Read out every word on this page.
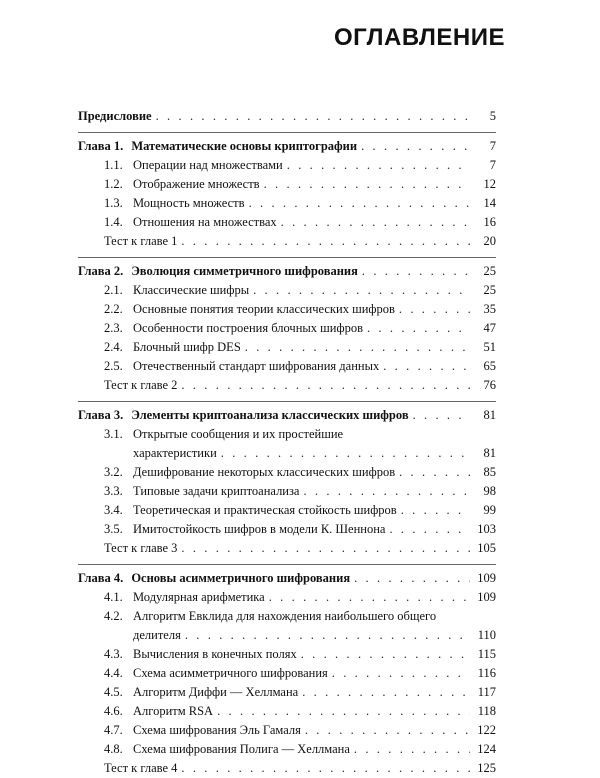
ОГЛАВЛЕНИЕ
Предисловие . . .	5
Глава 1. Математические основы криптографии . . .	7
1.1. Операции над множествами . . .	7
1.2. Отображение множеств . . .	12
1.3. Мощность множеств . . .	14
1.4. Отношения на множествах . . .	16
Тест к главе 1 . . .	20
Глава 2. Эволюция симметричного шифрования . . .	25
2.1. Классические шифры . . .	25
2.2. Основные понятия теории классических шифров . . .	35
2.3. Особенности построения блочных шифров . . .	47
2.4. Блочный шифр DES . . .	51
2.5. Отечественный стандарт шифрования данных . . .	65
Тест к главе 2 . . .	76
Глава 3. Элементы криптоанализа классических шифров . . .	81
3.1. Открытые сообщения и их простейшие
характеристики . . .	81
3.2. Дешифрование некоторых классических шифров . . .	85
3.3. Типовые задачи криптоанализа . . .	98
3.4. Теоретическая и практическая стойкость шифров . . .	99
3.5. Имитостойкость шифров в модели К. Шеннона . . .	103
Тест к главе 3 . . .	105
Глава 4. Основы асимметричного шифрования . . .	109
4.1. Модулярная арифметика . . .	109
4.2. Алгоритм Евклида для нахождения наибольшего общего
делителя . . .	110
4.3. Вычисления в конечных полях . . .	115
4.4. Схема асимметричного шифрования . . .	116
4.5. Алгоритм Диффи — Хеллмана . . .	117
4.6. Алгоритм RSA . . .	118
4.7. Схема шифрования Эль Гамаля . . .	122
4.8. Схема шифрования Полига — Хеллмана . . .	124
Тест к главе 4 . . .	125
